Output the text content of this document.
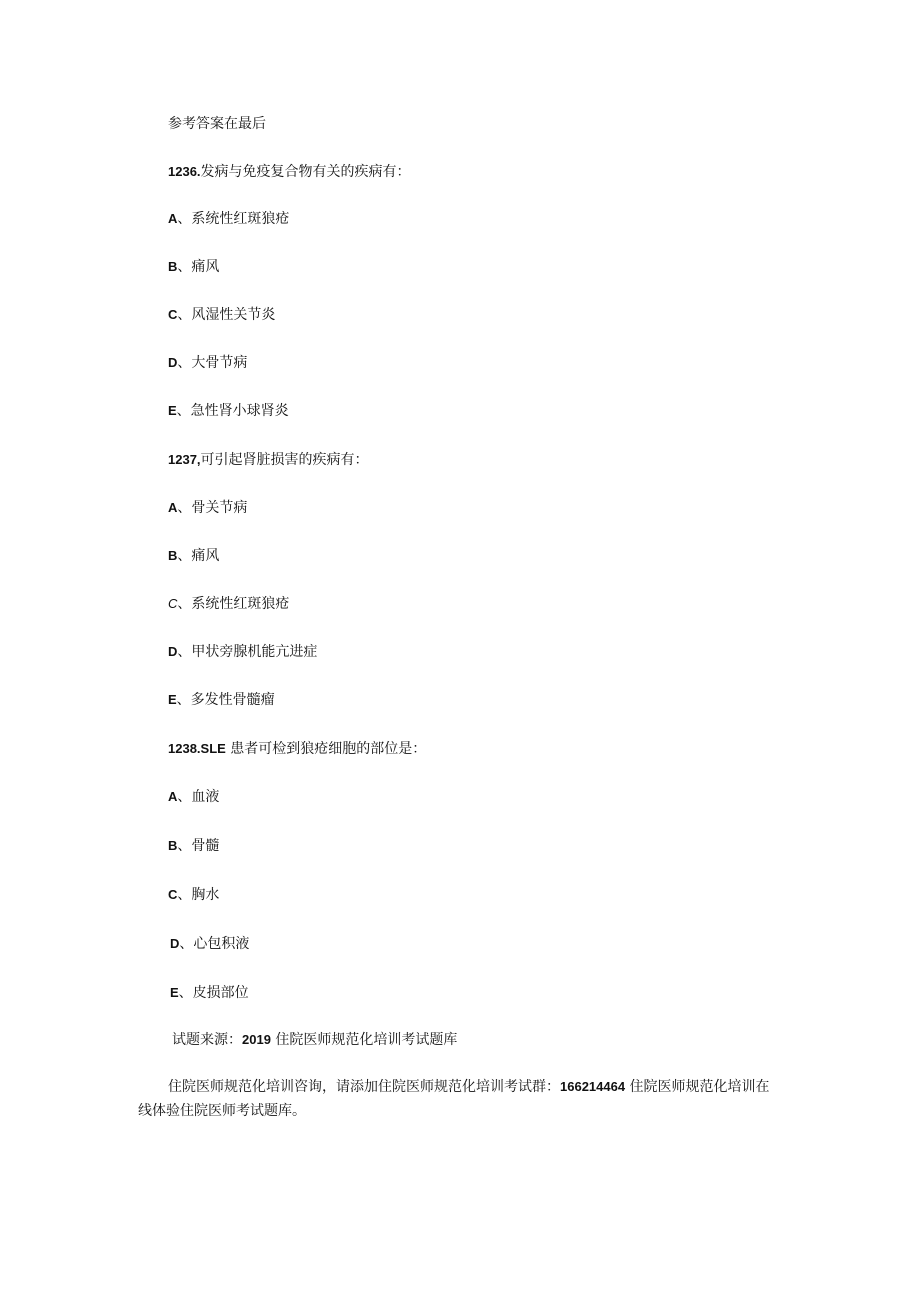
参考答案在最后
1236.发病与免疫复合物有关的疾病有：
A、系统性红斑狼疮
B、痛风
C、风湿性关节炎
D、大骨节病
E、急性肾小球肾炎
1237,可引起肾脏损害的疾病有：
A、骨关节病
B、痛风
C、系统性红斑狼疮
D、甲状旁腺机能亢进症
E、多发性骨髓瘤
1238.SLE 患者可检到狼疮细胞的部位是：
A、血液
B、骨髓
C、胸水
D、心包积液
E、皮损部位
试题来源：2019 住院医师规范化培训考试题库
住院医师规范化培训咨询，请添加住院医师规范化培训考试群：166214464 住院医师规范化培训在线体验住院医师考试题库。
